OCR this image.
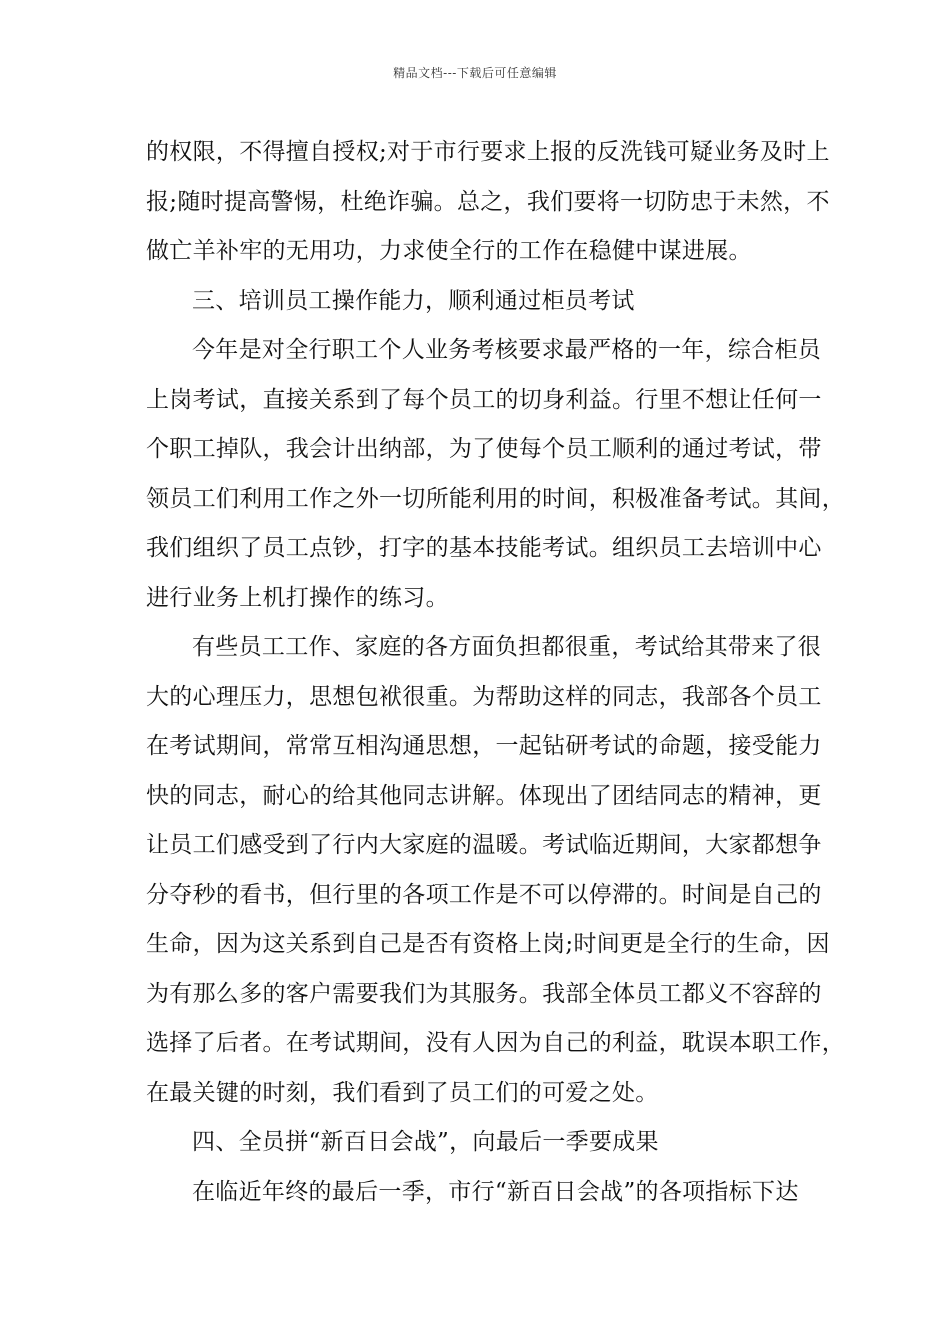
精品文档---下载后可任意编辑
的权限，不得擅自授权;对于市行要求上报的反洗钱可疑业务及时上
报;随时提高警惕，杜绝诈骗。总之，我们要将一切防忠于未然，不
做亡羊补牢的无用功，力求使全行的工作在稳健中谋进展。
三、培训员工操作能力，顺利通过柜员考试
今年是对全行职工个人业务考核要求最严格的一年，综合柜员
上岗考试，直接关系到了每个员工的切身利益。行里不想让任何一
个职工掉队，我会计出纳部，为了使每个员工顺利的通过考试，带
领员工们利用工作之外一切所能利用的时间，积极准备考试。其间，
我们组织了员工点钞，打字的基本技能考试。组织员工去培训中心
进行业务上机打操作的练习。
有些员工工作、家庭的各方面负担都很重，考试给其带来了很
大的心理压力，思想包袱很重。为帮助这样的同志，我部各个员工
在考试期间，常常互相沟通思想，一起钻研考试的命题，接受能力
快的同志，耐心的给其他同志讲解。体现出了团结同志的精神，更
让员工们感受到了行内大家庭的温暖。考试临近期间，大家都想争
分夺秒的看书，但行里的各项工作是不可以停滞的。时间是自己的
生命，因为这关系到自己是否有资格上岗;时间更是全行的生命，因
为有那么多的客户需要我们为其服务。我部全体员工都义不容辞的
选择了后者。在考试期间，没有人因为自己的利益，耽误本职工作，
在最关键的时刻，我们看到了员工们的可爱之处。
四、全员拼“新百日会战”，向最后一季要成果
在临近年终的最后一季，市行“新百日会战”的各项指标下达
